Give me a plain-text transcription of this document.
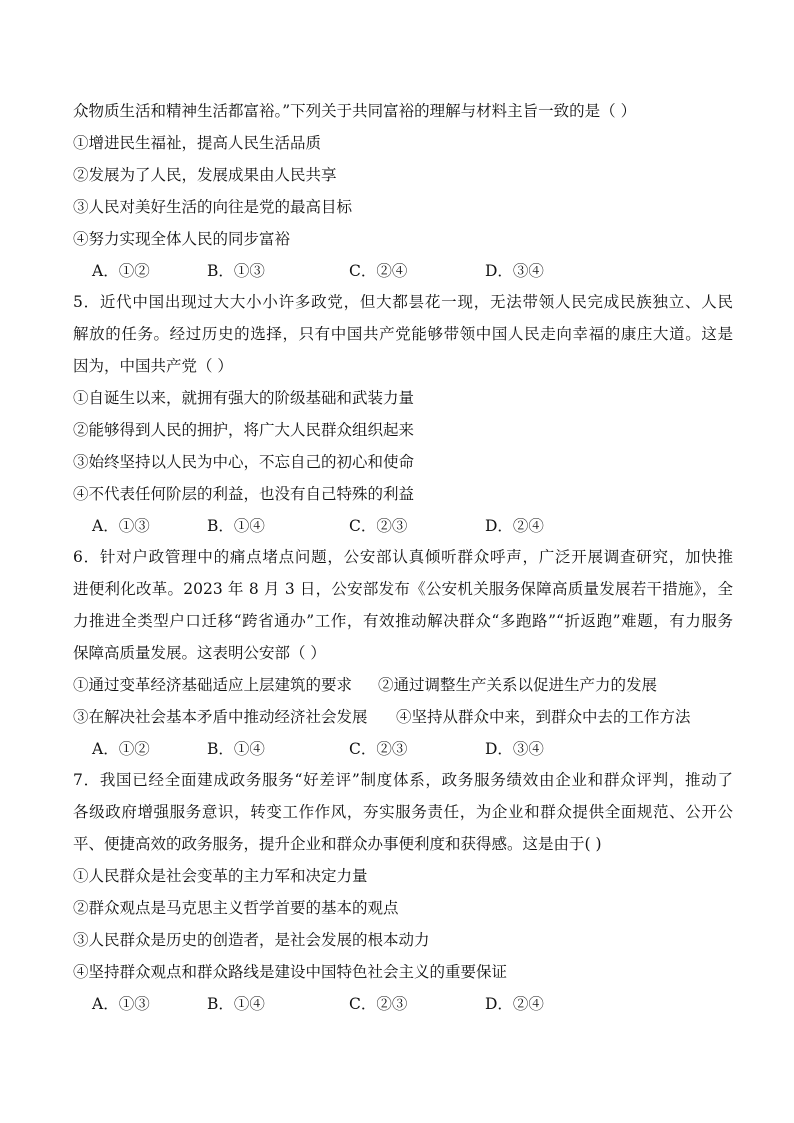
众物质生活和精神生活都富裕。”下列关于共同富裕的理解与材料主旨一致的是（ ）
①增进民生福祉，提高人民生活品质
②发展为了人民，发展成果由人民共享
③人民对美好生活的向往是党的最高目标
④努力实现全体人民的同步富裕
A．①②	B．①③	C．②④	D．③④
5．近代中国出现过大大小小许多政党，但大都昙花一现，无法带领人民完成民族独立、人民
解放的任务。经过历史的选择，只有中国共产党能够带领中国人民走向幸福的康庄大道。这是
因为，中国共产党（ ）
①自诞生以来，就拥有强大的阶级基础和武装力量
②能够得到人民的拥护，将广大人民群众组织起来
③始终坚持以人民为中心，不忘自己的初心和使命
④不代表任何阶层的利益，也没有自己特殊的利益
A．①③	B．①④	C．②③	D．②④
6．针对户政管理中的痛点堵点问题，公安部认真倾听群众呼声，广泛开展调查研究，加快推
进便利化改革。2023 年 8 月 3 日，公安部发布《公安机关服务保障高质量发展若干措施》，全
力推进全类型户口迁移“跨省通办”工作，有效推动解决群众“多跑路”“折返跑”难题，有力服务
保障高质量发展。这表明公安部（ ）
①通过变革经济基础适应上层建筑的要求 ②通过调整生产关系以促进生产力的发展
③在解决社会基本矛盾中推动经济社会发展 ④坚持从群众中来，到群众中去的工作方法
A．①②	B．①④	C．②③	D．③④
7．我国已经全面建成政务服务“好差评”制度体系，政务服务绩效由企业和群众评判，推动了
各级政府增强服务意识，转变工作作风，夯实服务责任，为企业和群众提供全面规范、公开公
平、便捷高效的政务服务，提升企业和群众办事便利度和获得感。这是由于( )
①人民群众是社会变革的主力军和决定力量
②群众观点是马克思主义哲学首要的基本的观点
③人民群众是历史的创造者，是社会发展的根本动力
④坚持群众观点和群众路线是建设中国特色社会主义的重要保证
A．①③	B．①④	C．②③	D．②④
